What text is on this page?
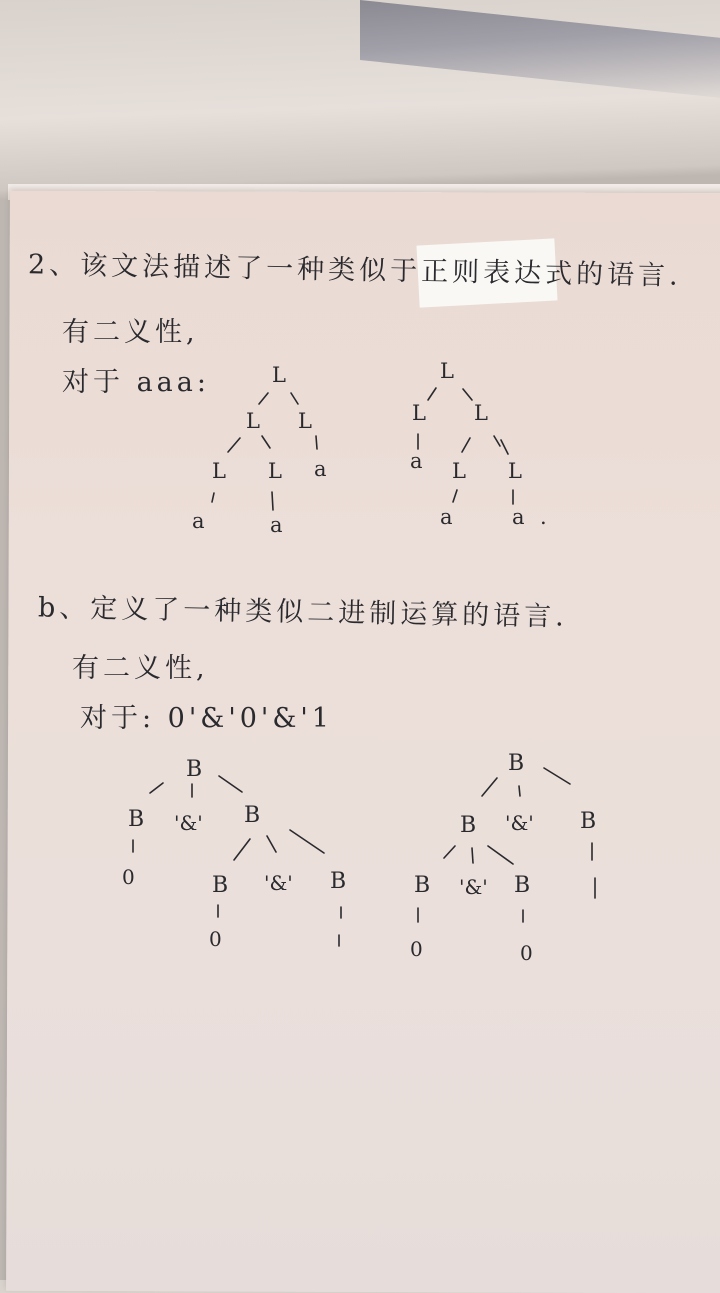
2、该文法描述了一种类似于正则表达式的语言.
有二义性,
对于 aaa:
b、定义了一种类似二进制运算的语言.
有二义性,
对于: 0'&'0'&'1
L
L L
L L a
a	a
L
L L
a L L
a	a .
B
B '&' B
0	B '&' B
0
B
B '&' B
B '&' B
0	0
